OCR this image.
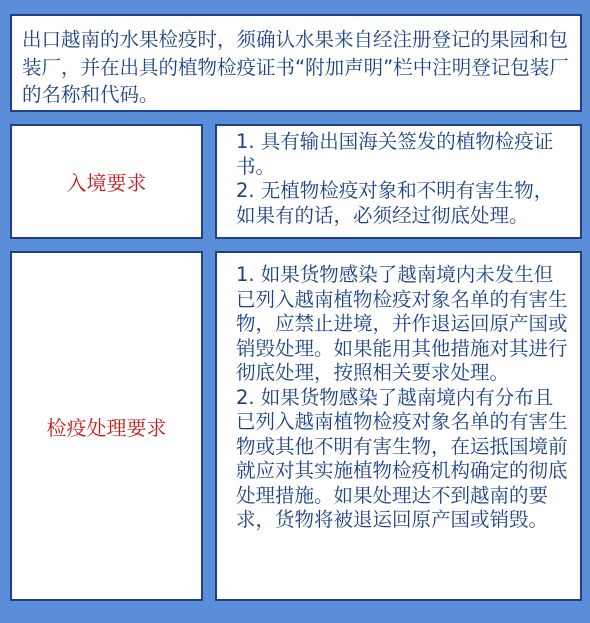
出口越南的水果检疫时，须确认水果来自经注册登记的果园和包装厂，并在出具的植物检疫证书“附加声明”栏中注明登记包装厂的名称和代码。

入境要求

1. 具有输出国海关签发的植物检疫证书。

2. 无植物检疫对象和不明有害生物，如果有的话，必须经过彻底处理。

检疫处理要求

1. 如果货物感染了越南境内未发生但已列入越南植物检疫对象名单的有害生物，应禁止进境，并作退运回原产国或销毁处理。如果能用其他措施对其进行彻底处理，按照相关要求处理。

2. 如果货物感染了越南境内有分布且已列入越南植物检疫对象名单的有害生物或其他不明有害生物，在运抵国境前就应对其实施植物检疫机构确定的彻底处理措施。如果处理达不到越南的要求，货物将被退运回原产国或销毁。
